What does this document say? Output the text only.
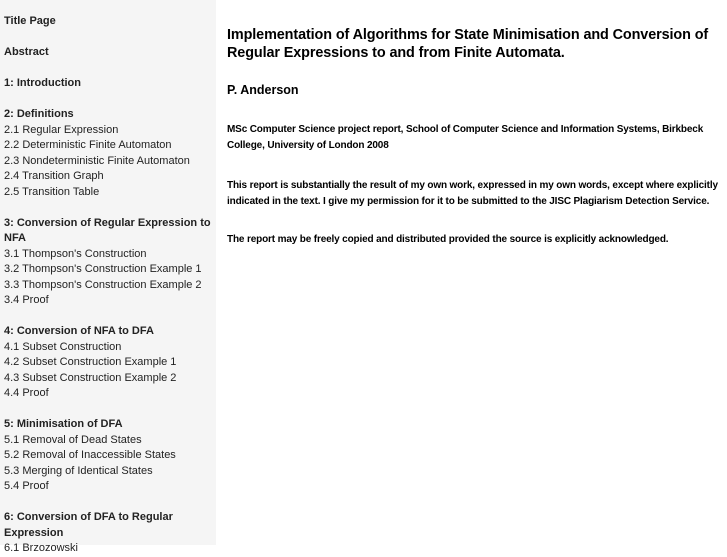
Title Page
Abstract
1: Introduction
2: Definitions
2.1 Regular Expression
2.2 Deterministic Finite Automaton
2.3 Nondeterministic Finite Automaton
2.4 Transition Graph
2.5 Transition Table
3: Conversion of Regular Expression to NFA
3.1 Thompson's Construction
3.2 Thompson's Construction Example 1
3.3 Thompson's Construction Example 2
3.4 Proof
4: Conversion of NFA to DFA
4.1 Subset Construction
4.2 Subset Construction Example 1
4.3 Subset Construction Example 2
4.4 Proof
5: Minimisation of DFA
5.1 Removal of Dead States
5.2 Removal of Inaccessible States
5.3 Merging of Identical States
5.4 Proof
6: Conversion of DFA to Regular Expression
6.1 Brzozowski
Implementation of Algorithms for State Minimisation and Conversion of Regular Expressions to and from Finite Automata.

P. Anderson

MSc Computer Science project report, School of Computer Science and Information Systems, Birkbeck College, University of London 2008

This report is substantially the result of my own work, expressed in my own words, except where explicitly indicated in the text. I give my permission for it to be submitted to the JISC Plagiarism Detection Service.

The report may be freely copied and distributed provided the source is explicitly acknowledged.
